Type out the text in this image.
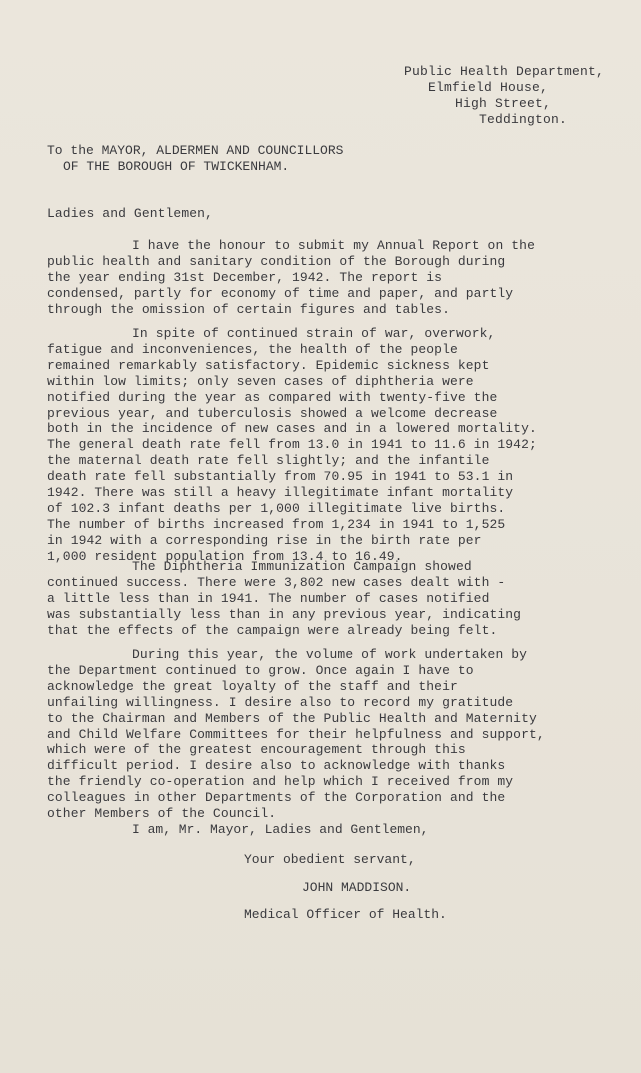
Public Health Department,
Elmfield House,
High Street,
Teddington.
To the MAYOR, ALDERMEN AND COUNCILLORS
OF THE BOROUGH OF TWICKENHAM.
Ladies and Gentlemen,
I have the honour to submit my Annual Report on the
public health and sanitary condition of the Borough during
the year ending 31st December, 1942. The report is
condensed, partly for economy of time and paper, and partly
through the omission of certain figures and tables.
In spite of continued strain of war, overwork,
fatigue and inconveniences, the health of the people
remained remarkably satisfactory. Epidemic sickness kept
within low limits; only seven cases of diphtheria were
notified during the year as compared with twenty-five the
previous year, and tuberculosis showed a welcome decrease
both in the incidence of new cases and in a lowered mortality.
The general death rate fell from 13.0 in 1941 to 11.6 in 1942;
the maternal death rate fell slightly; and the infantile
death rate fell substantially from 70.95 in 1941 to 53.1 in
1942. There was still a heavy illegitimate infant mortality
of 102.3 infant deaths per 1,000 illegitimate live births.
The number of births increased from 1,234 in 1941 to 1,525
in 1942 with a corresponding rise in the birth rate per
1,000 resident population from 13.4 to 16.49.
The Diphtheria Immunization Campaign showed
continued success. There were 3,802 new cases dealt with -
a little less than in 1941. The number of cases notified
was substantially less than in any previous year, indicating
that the effects of the campaign were already being felt.
During this year, the volume of work undertaken by
the Department continued to grow. Once again I have to
acknowledge the great loyalty of the staff and their
unfailing willingness. I desire also to record my gratitude
to the Chairman and Members of the Public Health and Maternity
and Child Welfare Committees for their helpfulness and support,
which were of the greatest encouragement through this
difficult period. I desire also to acknowledge with thanks
the friendly co-operation and help which I received from my
colleagues in other Departments of the Corporation and the
other Members of the Council.
I am, Mr. Mayor, Ladies and Gentlemen,
Your obedient servant,
JOHN MADDISON.
Medical Officer of Health.
